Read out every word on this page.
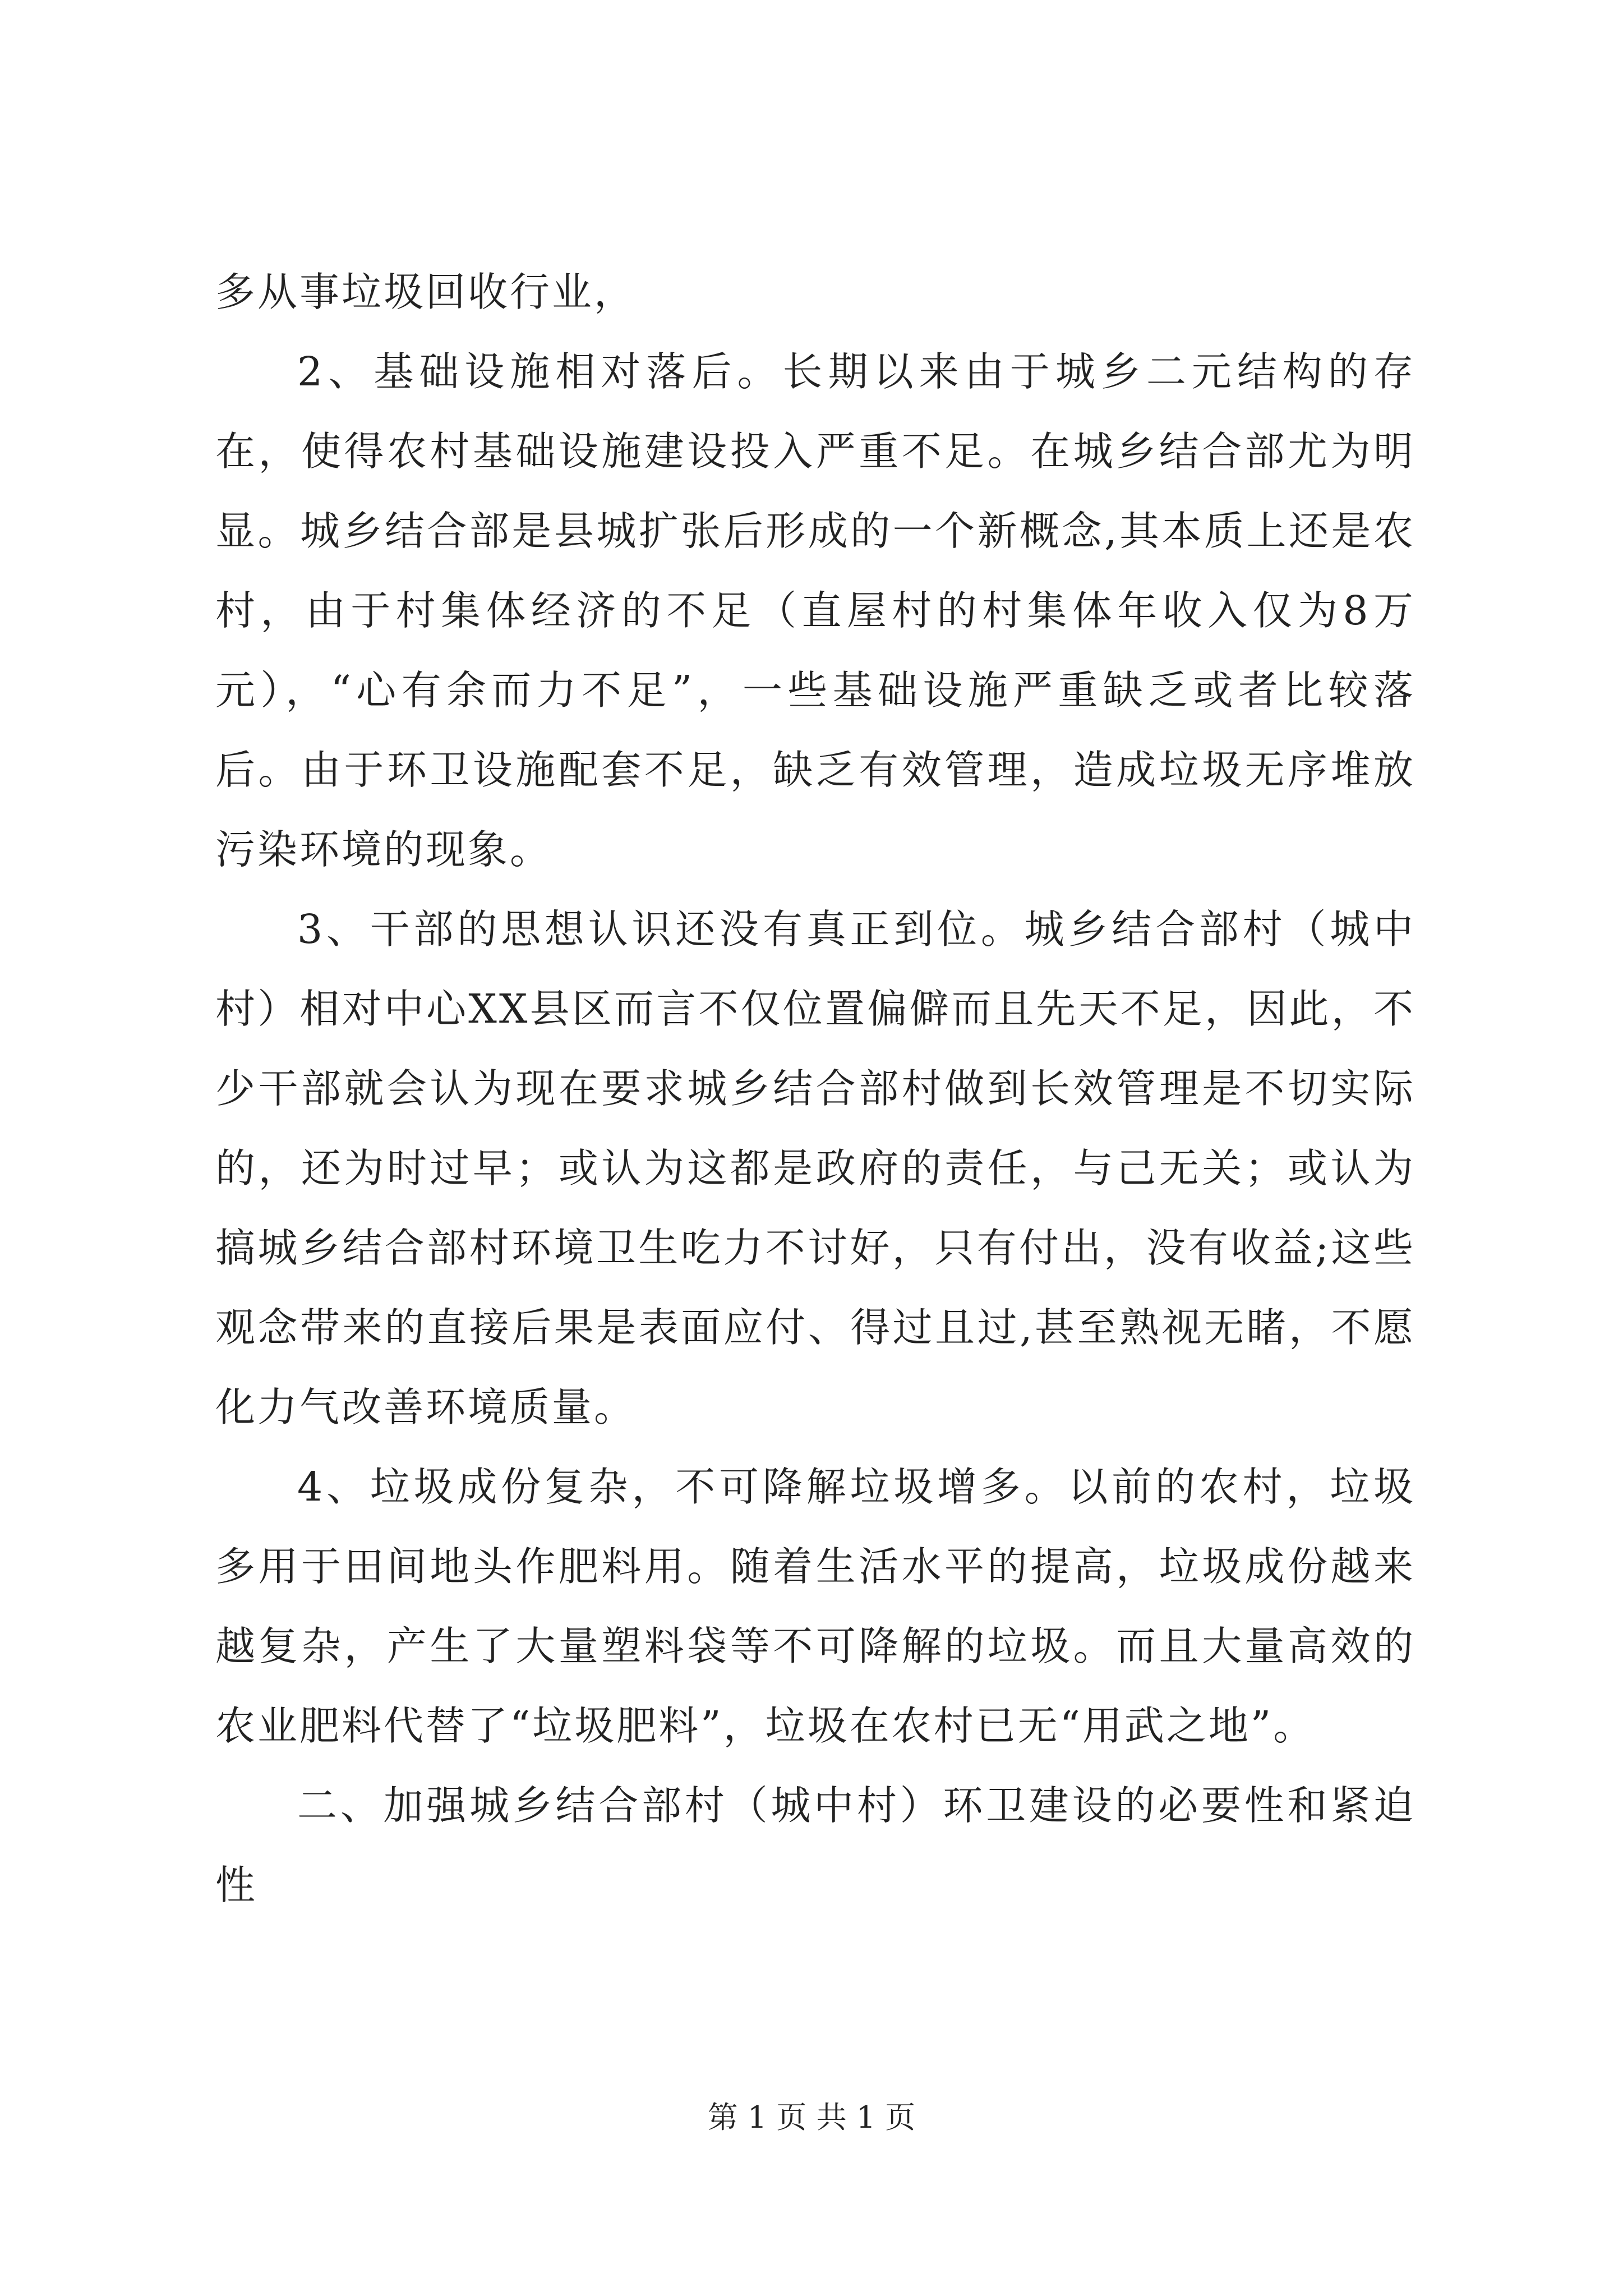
多从事垃圾回收行业，

2、基础设施相对落后。长期以来由于城乡二元结构的存在，使得农村基础设施建设投入严重不足。在城乡结合部尤为明显。城乡结合部是县城扩张后形成的一个新概念,其本质上还是农村，由于村集体经济的不足（直屋村的村集体年收入仅为8万元），“心有余而力不足”，一些基础设施严重缺乏或者比较落后。由于环卫设施配套不足，缺乏有效管理，造成垃圾无序堆放污染环境的现象。

3、干部的思想认识还没有真正到位。城乡结合部村（城中村）相对中心XX县区而言不仅位置偏僻而且先天不足，因此，不少干部就会认为现在要求城乡结合部村做到长效管理是不切实际的，还为时过早；或认为这都是政府的责任，与己无关；或认为搞城乡结合部村环境卫生吃力不讨好，只有付出，没有收益;这些观念带来的直接后果是表面应付、得过且过,甚至熟视无睹，不愿化力气改善环境质量。

4、垃圾成份复杂，不可降解垃圾增多。以前的农村，垃圾多用于田间地头作肥料用。随着生活水平的提高，垃圾成份越来越复杂，产生了大量塑料袋等不可降解的垃圾。而且大量高效的农业肥料代替了“垃圾肥料”，垃圾在农村已无“用武之地”。

二、加强城乡结合部村（城中村）环卫建设的必要性和紧迫性

第 1 页 共 1 页
